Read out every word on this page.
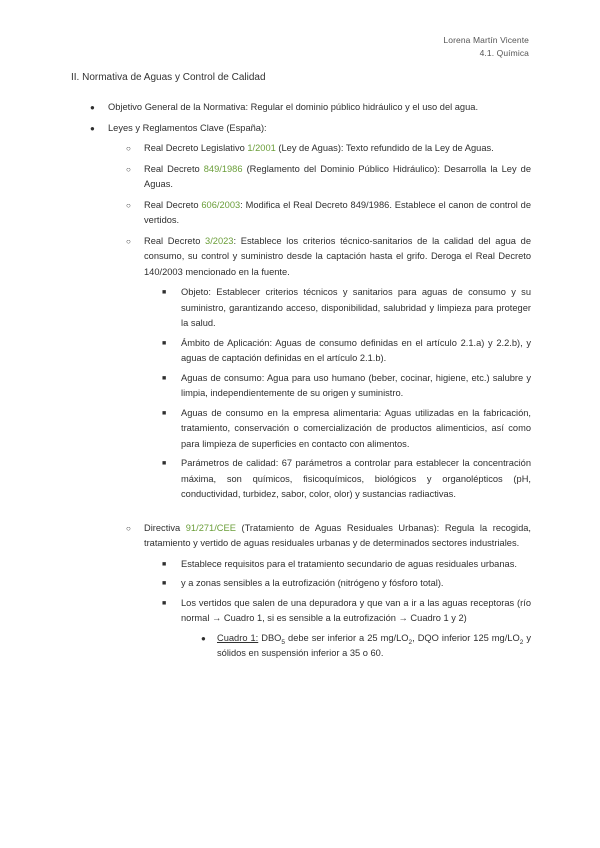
Lorena Martín Vicente
4.1. Química
II. Normativa de Aguas y Control de Calidad
● Objetivo General de la Normativa: Regular el dominio público hidráulico y el uso del agua.
● Leyes y Reglamentos Clave (España):
○ Real Decreto Legislativo 1/2001 (Ley de Aguas): Texto refundido de la Ley de Aguas.
○ Real Decreto 849/1986 (Reglamento del Dominio Público Hidráulico): Desarrolla la Ley de Aguas.
○ Real Decreto 606/2003: Modifica el Real Decreto 849/1986. Establece el canon de control de vertidos.
○ Real Decreto 3/2023: Establece los criterios técnico-sanitarios de la calidad del agua de consumo, su control y suministro desde la captación hasta el grifo. Deroga el Real Decreto 140/2003 mencionado en la fuente.
■ Objeto: Establecer criterios técnicos y sanitarios para aguas de consumo y su suministro, garantizando acceso, disponibilidad, salubridad y limpieza para proteger la salud.
■ Ámbito de Aplicación: Aguas de consumo definidas en el artículo 2.1.a) y 2.2.b), y aguas de captación definidas en el artículo 2.1.b).
■ Aguas de consumo: Agua para uso humano (beber, cocinar, higiene, etc.) salubre y limpia, independientemente de su origen y suministro.
■ Aguas de consumo en la empresa alimentaria: Aguas utilizadas en la fabricación, tratamiento, conservación o comercialización de productos alimenticios, así como para limpieza de superficies en contacto con alimentos.
■ Parámetros de calidad: 67 parámetros a controlar para establecer la concentración máxima, son químicos, fisicoquímicos, biológicos y organolépticos (pH, conductividad, turbidez, sabor, color, olor) y sustancias radiactivas.
○ Directiva 91/271/CEE (Tratamiento de Aguas Residuales Urbanas): Regula la recogida, tratamiento y vertido de aguas residuales urbanas y de determinados sectores industriales.
■ Establece requisitos para el tratamiento secundario de aguas residuales urbanas.
■ y a zonas sensibles a la eutrofización (nitrógeno y fósforo total).
■ Los vertidos que salen de una depuradora y que van a ir a las aguas receptoras (río normal → Cuadro 1, si es sensible a la eutrofización → Cuadro 1 y 2)
● Cuadro 1: $DBO_5$ debe ser inferior a 25 $mg/LO_2$, DQO inferior 125 $mg/LO_2$ y sólidos en suspensión inferior a 35 o 60.
